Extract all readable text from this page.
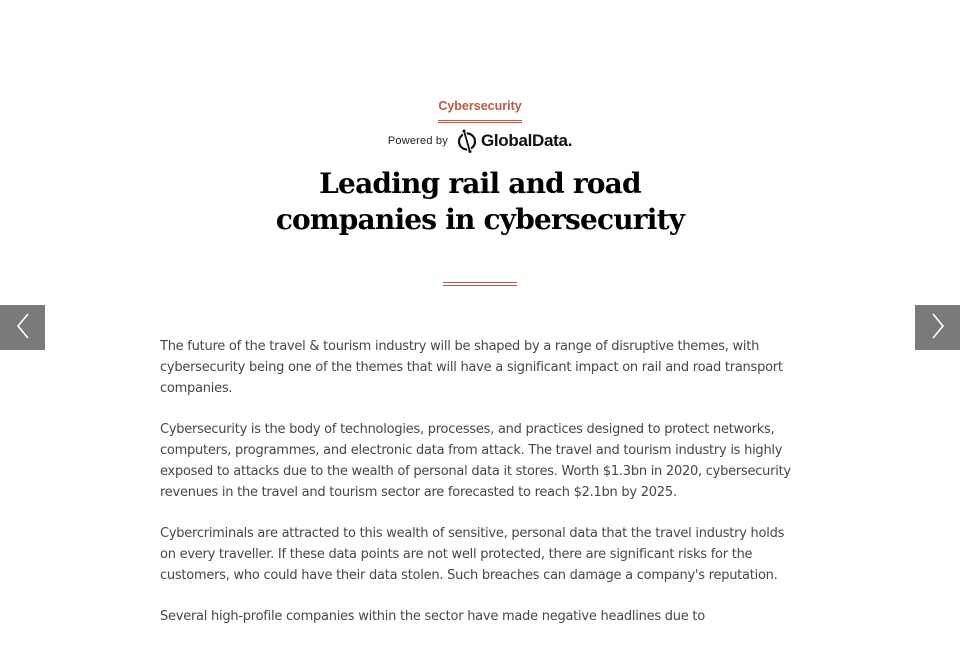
Cybersecurity
Powered by GlobalData.
Leading rail and road
companies in cybersecurity

The future of the travel & tourism industry will be shaped by a range of disruptive themes, with cybersecurity being one of the themes that will have a significant impact on rail and road transport companies.

Cybersecurity is the body of technologies, processes, and practices designed to protect networks, computers, programmes, and electronic data from attack. The travel and tourism industry is highly exposed to attacks due to the wealth of personal data it stores. Worth $1.3bn in 2020, cybersecurity revenues in the travel and tourism sector are forecasted to reach $2.1bn by 2025.

Cybercriminals are attracted to this wealth of sensitive, personal data that the travel industry holds on every traveller. If these data points are not well protected, there are significant risks for the customers, who could have their data stolen. Such breaches can damage a company's reputation.

Several high-profile companies within the sector have made negative headlines due to
